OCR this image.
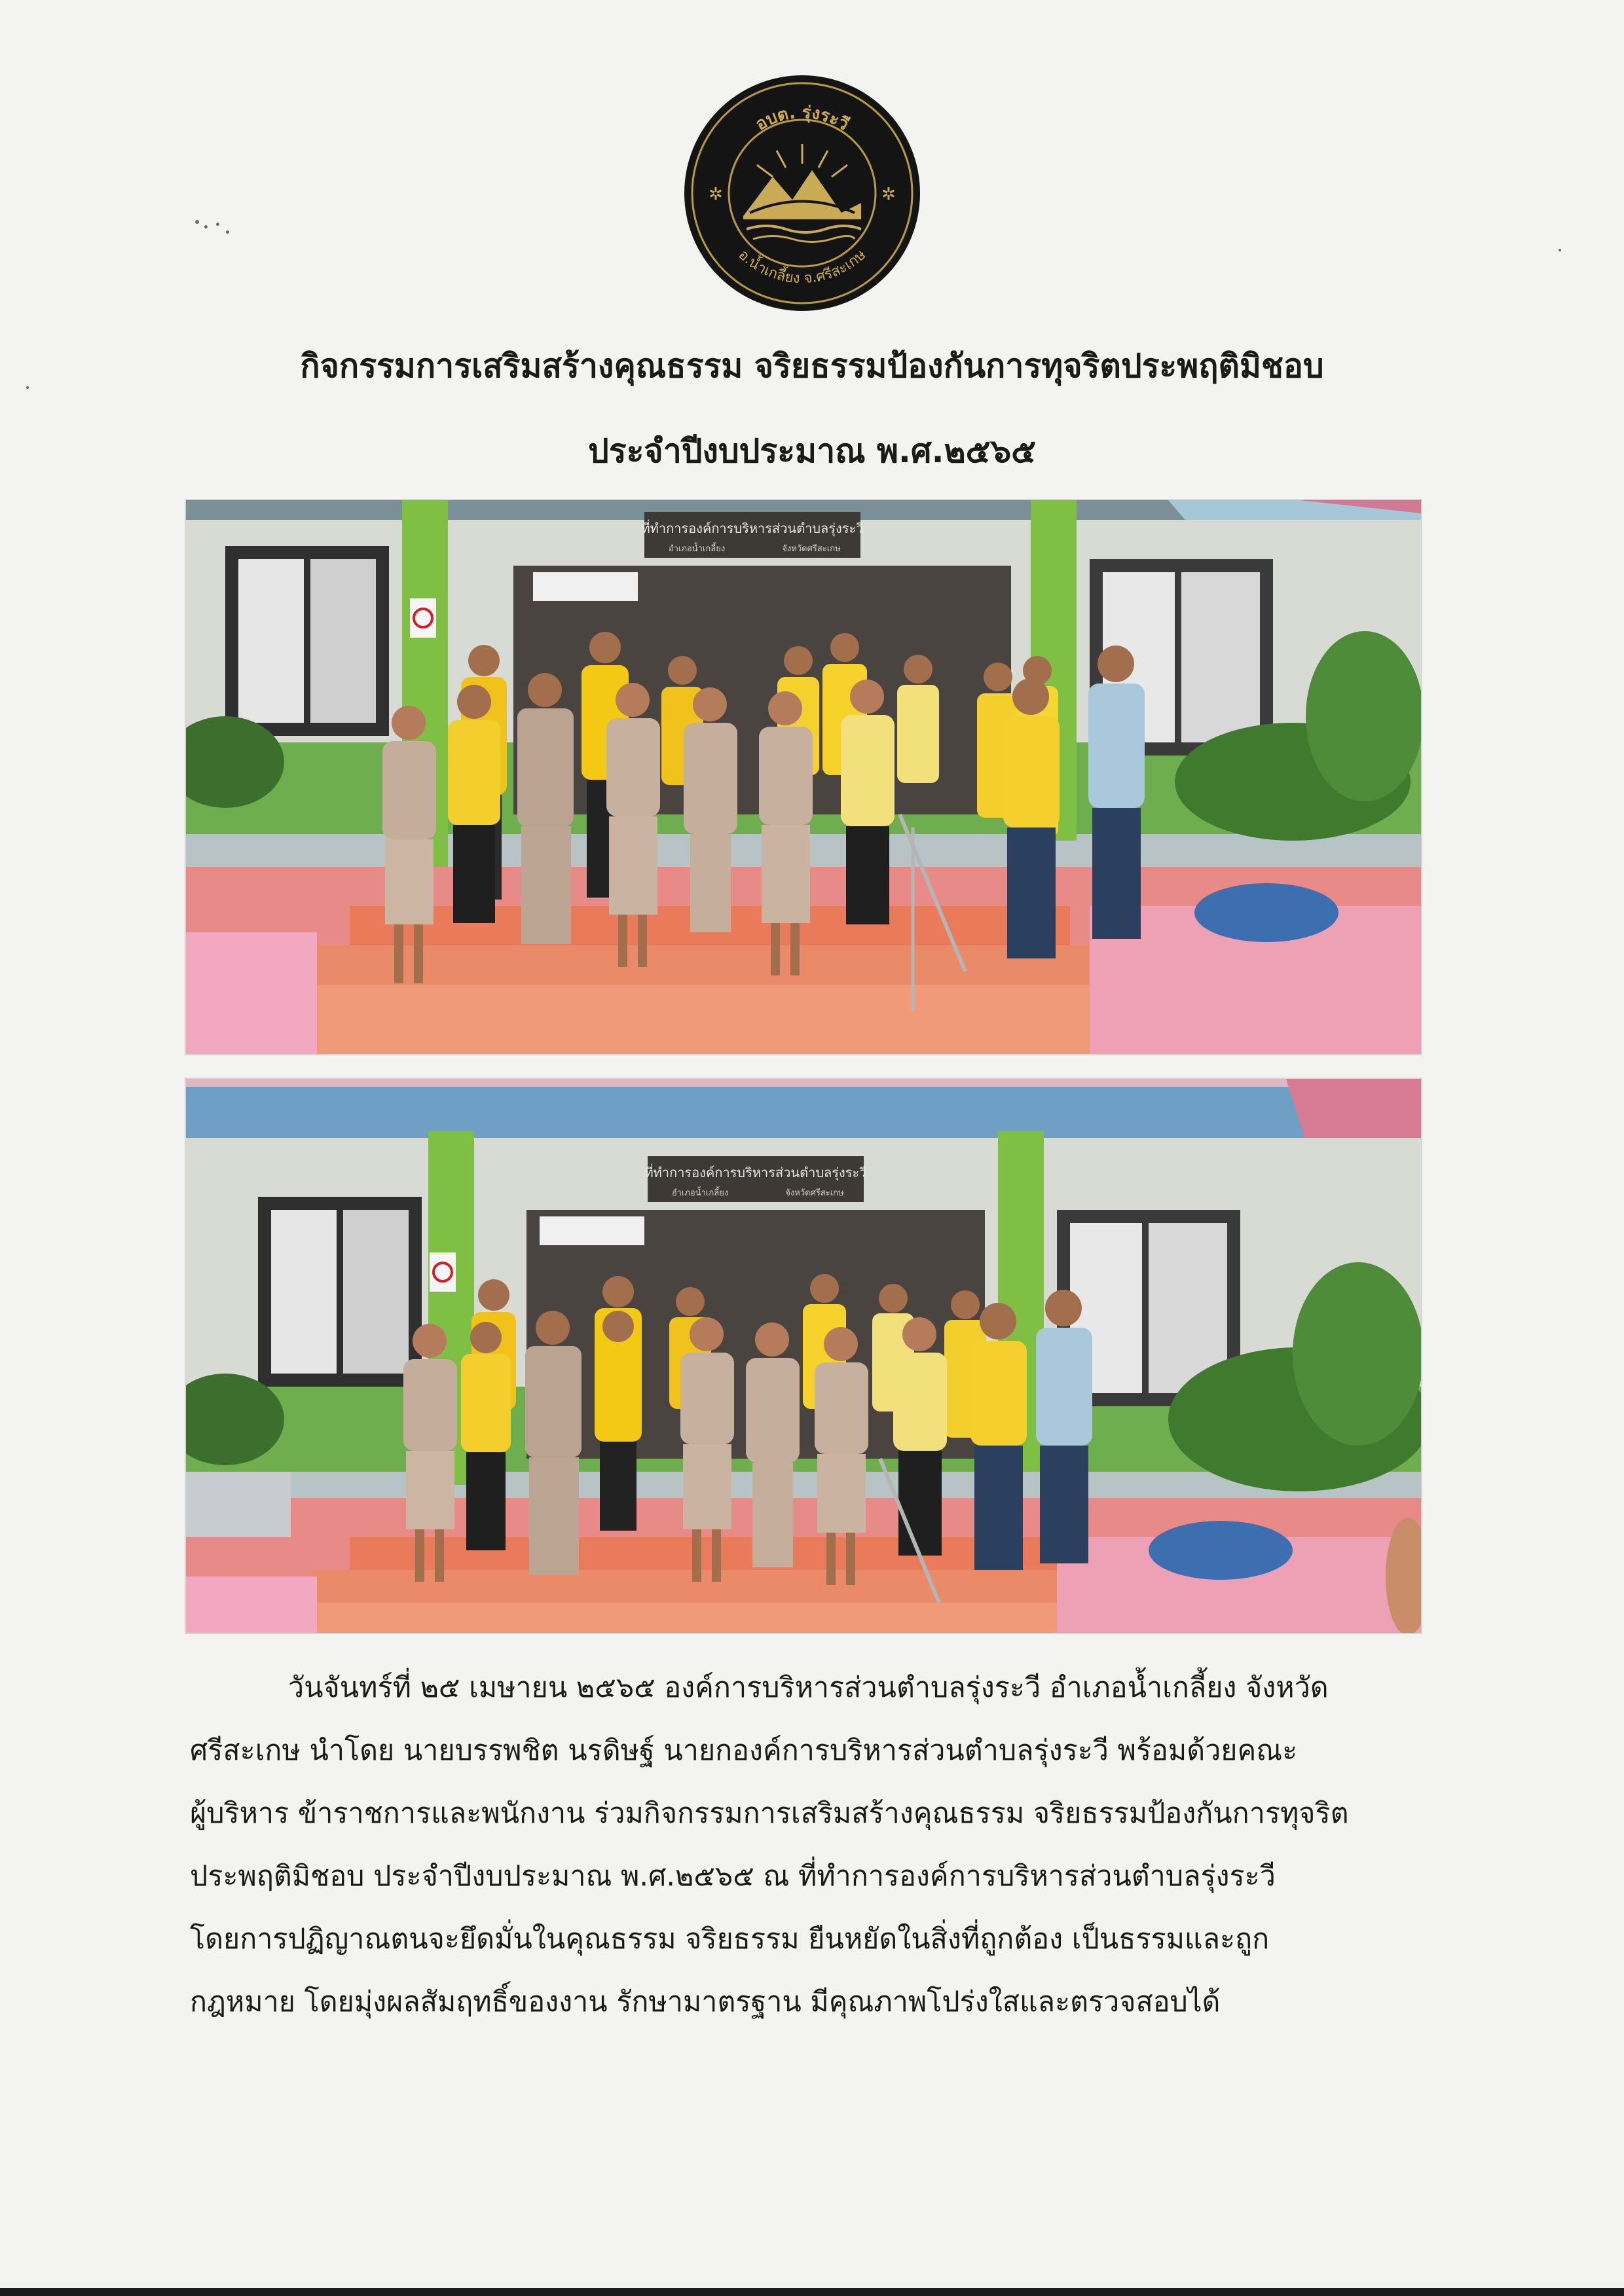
✲	✲
อบต. รุ่งระวี
อ.น้ำเกลี้ยง จ.ศรีสะเกษ
กิจกรรมการเสริมสร้างคุณธรรม จริยธรรมป้องกันการทุจริตประพฤติมิชอบ
ประจำปีงบประมาณ พ.ศ.๒๕๖๕
ที่ทำการองค์การบริหารส่วนตำบลรุ่งระวี
อำเภอน้ำเกลี้ยง	จังหวัดศรีสะเกษ
ที่ทำการองค์การบริหารส่วนตำบลรุ่งระวี
อำเภอน้ำเกลี้ยง	จังหวัดศรีสะเกษ
วันจันทร์ที่ ๒๕ เมษายน ๒๕๖๕ องค์การบริหารส่วนตำบลรุ่งระวี อำเภอน้ำเกลี้ยง จังหวัด
ศรีสะเกษ นำโดย นายบรรพชิต นรดิษฐ์ นายกองค์การบริหารส่วนตำบลรุ่งระวี พร้อมด้วยคณะ
ผู้บริหาร ข้าราชการและพนักงาน ร่วมกิจกรรมการเสริมสร้างคุณธรรม จริยธรรมป้องกันการทุจริต
ประพฤติมิชอบ ประจำปีงบประมาณ พ.ศ.๒๕๖๕ ณ ที่ทำการองค์การบริหารส่วนตำบลรุ่งระวี
โดยการปฏิญาณตนจะยึดมั่นในคุณธรรม จริยธรรม ยืนหยัดในสิ่งที่ถูกต้อง เป็นธรรมและถูก
กฎหมาย โดยมุ่งผลสัมฤทธิ์ของงาน รักษามาตรฐาน มีคุณภาพโปร่งใสและตรวจสอบได้
